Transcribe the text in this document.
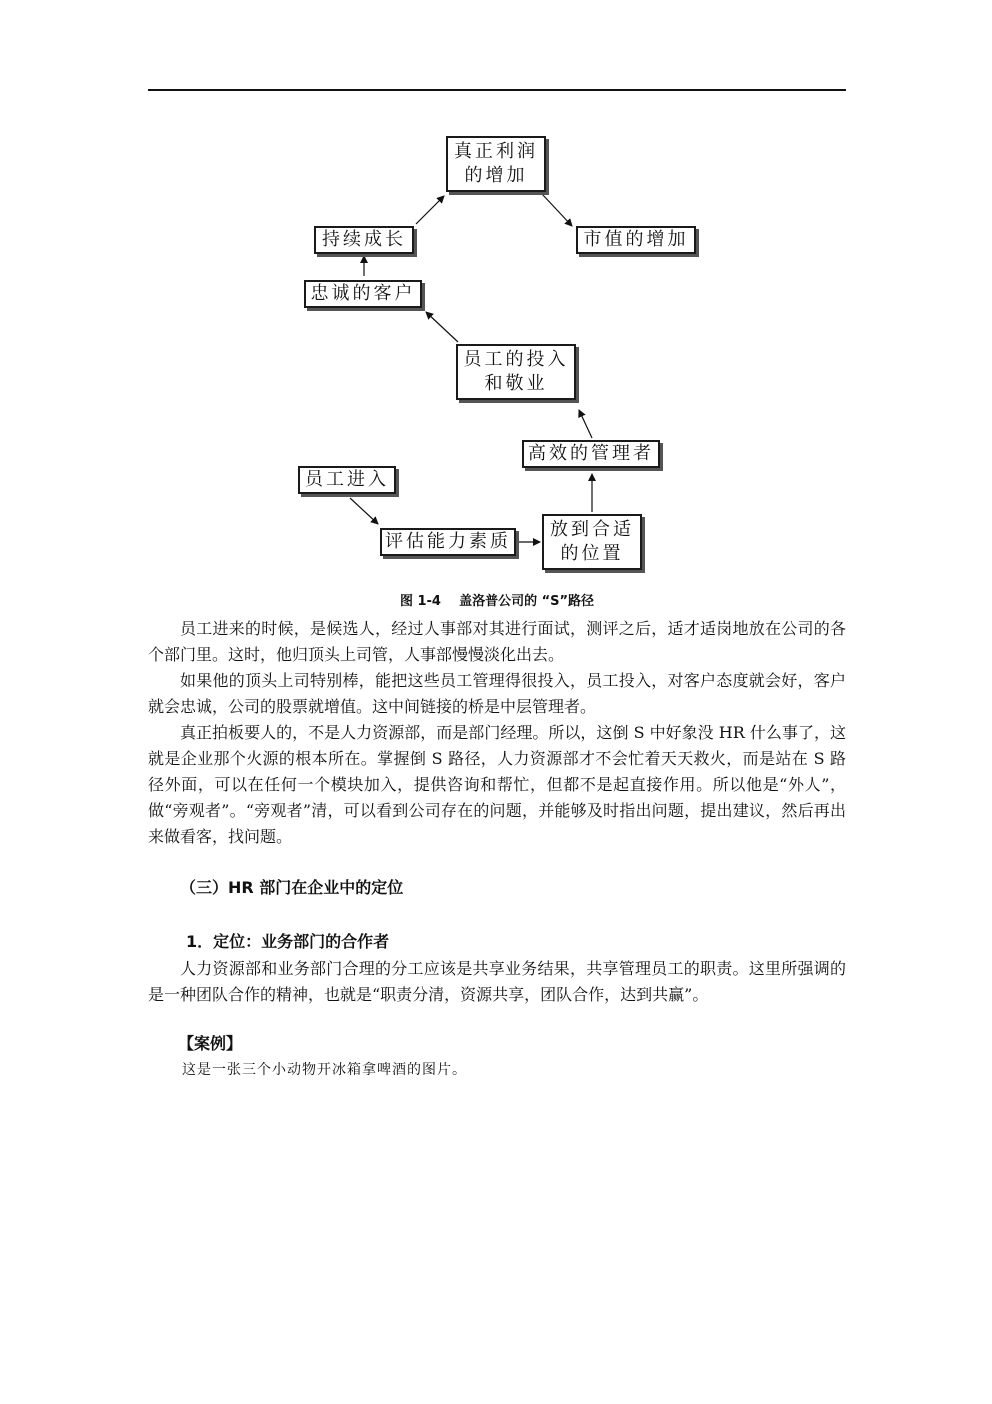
真正利润
的增加
持续成长	市值的增加
忠诚的客户
员工的投入
和敬业
高效的管理者
员工进入
评估能力素质
放到合适
的位置
图 1-4    盖洛普公司的 “S”路径

员工进来的时候，是候选人，经过人事部对其进行面试，测评之后，适才适岗地放在公司的各个部门里。这时，他归顶头上司管，人事部慢慢淡化出去。

如果他的顶头上司特别棒，能把这些员工管理得很投入，员工投入，对客户态度就会好，客户就会忠诚，公司的股票就增值。这中间链接的桥是中层管理者。

真正拍板要人的，不是人力资源部，而是部门经理。所以，这倒 S 中好象没 HR 什么事了，这就是企业那个火源的根本所在。掌握倒 S 路径，人力资源部才不会忙着天天救火，而是站在 S 路径外面，可以在任何一个模块加入，提供咨询和帮忙，但都不是起直接作用。所以他是“外人”，做“旁观者”。“旁观者”清，可以看到公司存在的问题，并能够及时指出问题，提出建议，然后再出来做看客，找问题。

（三）HR 部门在企业中的定位
1．定位：业务部门的合作者

人力资源部和业务部门合理的分工应该是共享业务结果，共享管理员工的职责。这里所强调的是一种团队合作的精神，也就是“职责分清，资源共享，团队合作，达到共赢”。

【案例】
这是一张三个小动物开冰箱拿啤酒的图片。
